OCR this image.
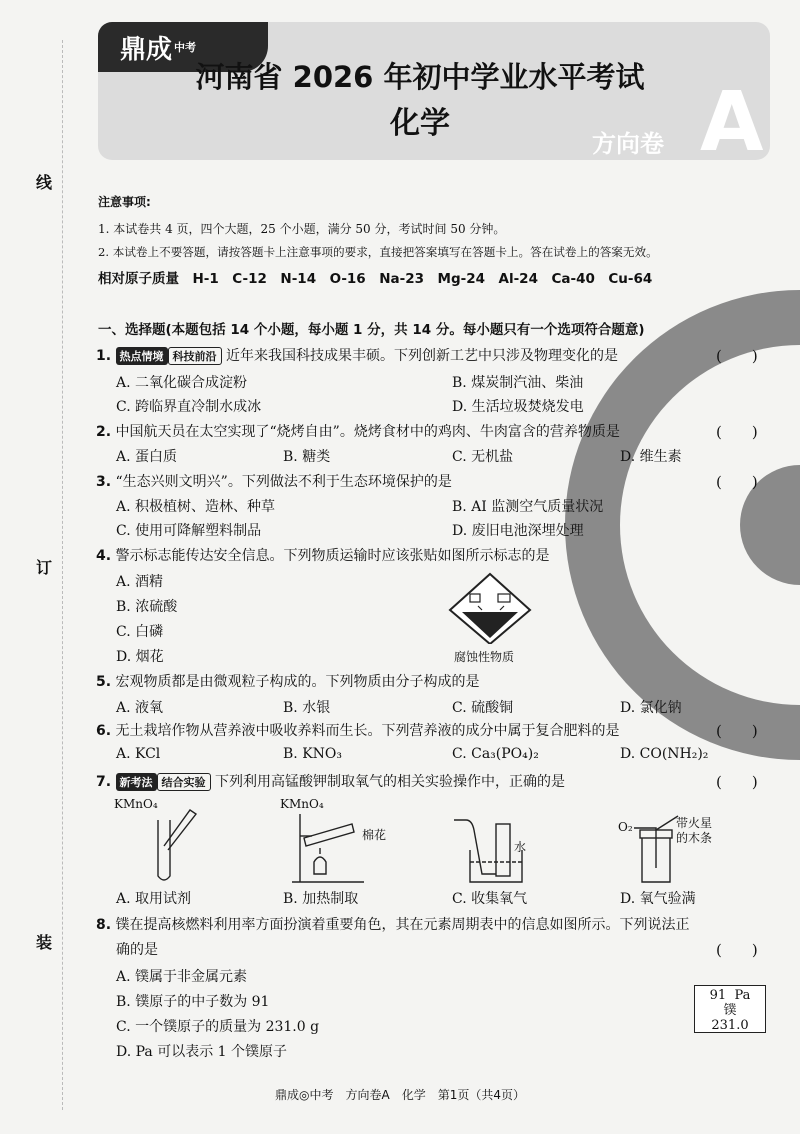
线
订
装
鼎成 中考
河南省 2026 年初中学业水平考试
化学
方向卷 A
注意事项:
1. 本试卷共 4 页，四个大题，25 个小题，满分 50 分，考试时间 50 分钟。
2. 本试卷上不要答题，请按答题卡上注意事项的要求，直接把答案填写在答题卡上。答在试卷上的答案无效。
相对原子质量　H-1　C-12　N-14　O-16　Na-23　Mg-24　Al-24　Ca-40　Cu-64
一、选择题(本题包括 14 个小题，每小题 1 分，共 14 分。每小题只有一个选项符合题意)
1. 热点情境 科技前沿 近年来我国科技成果丰硕。下列创新工艺中只涉及物理变化的是	(　　)
A. 二氧化碳合成淀粉	B. 煤炭制汽油、柴油
C. 跨临界直冷制水成冰	D. 生活垃圾焚烧发电
2. 中国航天员在太空实现了“烧烤自由”。烧烤食材中的鸡肉、牛肉富含的营养物质是	(　　)
A. 蛋白质	B. 糖类	C. 无机盐	D. 维生素
3. “生态兴则文明兴”。下列做法不利于生态环境保护的是	(　　)
A. 积极植树、造林、种草	B. AI 监测空气质量状况
C. 使用可降解塑料制品	D. 废旧电池深埋处理
4. 警示标志能传达安全信息。下列物质运输时应该张贴如图所示标志的是
A. 酒精
B. 浓硫酸
C. 白磷
D. 烟花	腐蚀性物质
5. 宏观物质都是由微观粒子构成的。下列物质由分子构成的是
A. 液氧	B. 水银	C. 硫酸铜	D. 氯化钠
6. 无土栽培作物从营养液中吸收养料而生长。下列营养液的成分中属于复合肥料的是	(　　)
A. KCl	B. KNO₃	C. Ca₃(PO₄)₂	D. CO(NH₂)₂
7. 新考法 结合实验 下列利用高锰酸钾制取氧气的相关实验操作中，正确的是	(　　)
KMnO₄	KMnO₄
棉花
水
O₂	带火星的木条
A. 取用试剂	B. 加热制取	C. 收集氧气	D. 氧气验满
8. 镤在提高核燃料利用率方面扮演着重要角色，其在元素周期表中的信息如图所示。下列说法正
确的是	(　　)
A. 镤属于非金属元素
B. 镤原子的中子数为 91
C. 一个镤原子的质量为 231.0 g
D. Pa 可以表示 1 个镤原子
91 Pa
镤
231.0
鼎成◎中考　方向卷A　化学　第1页（共4页）
